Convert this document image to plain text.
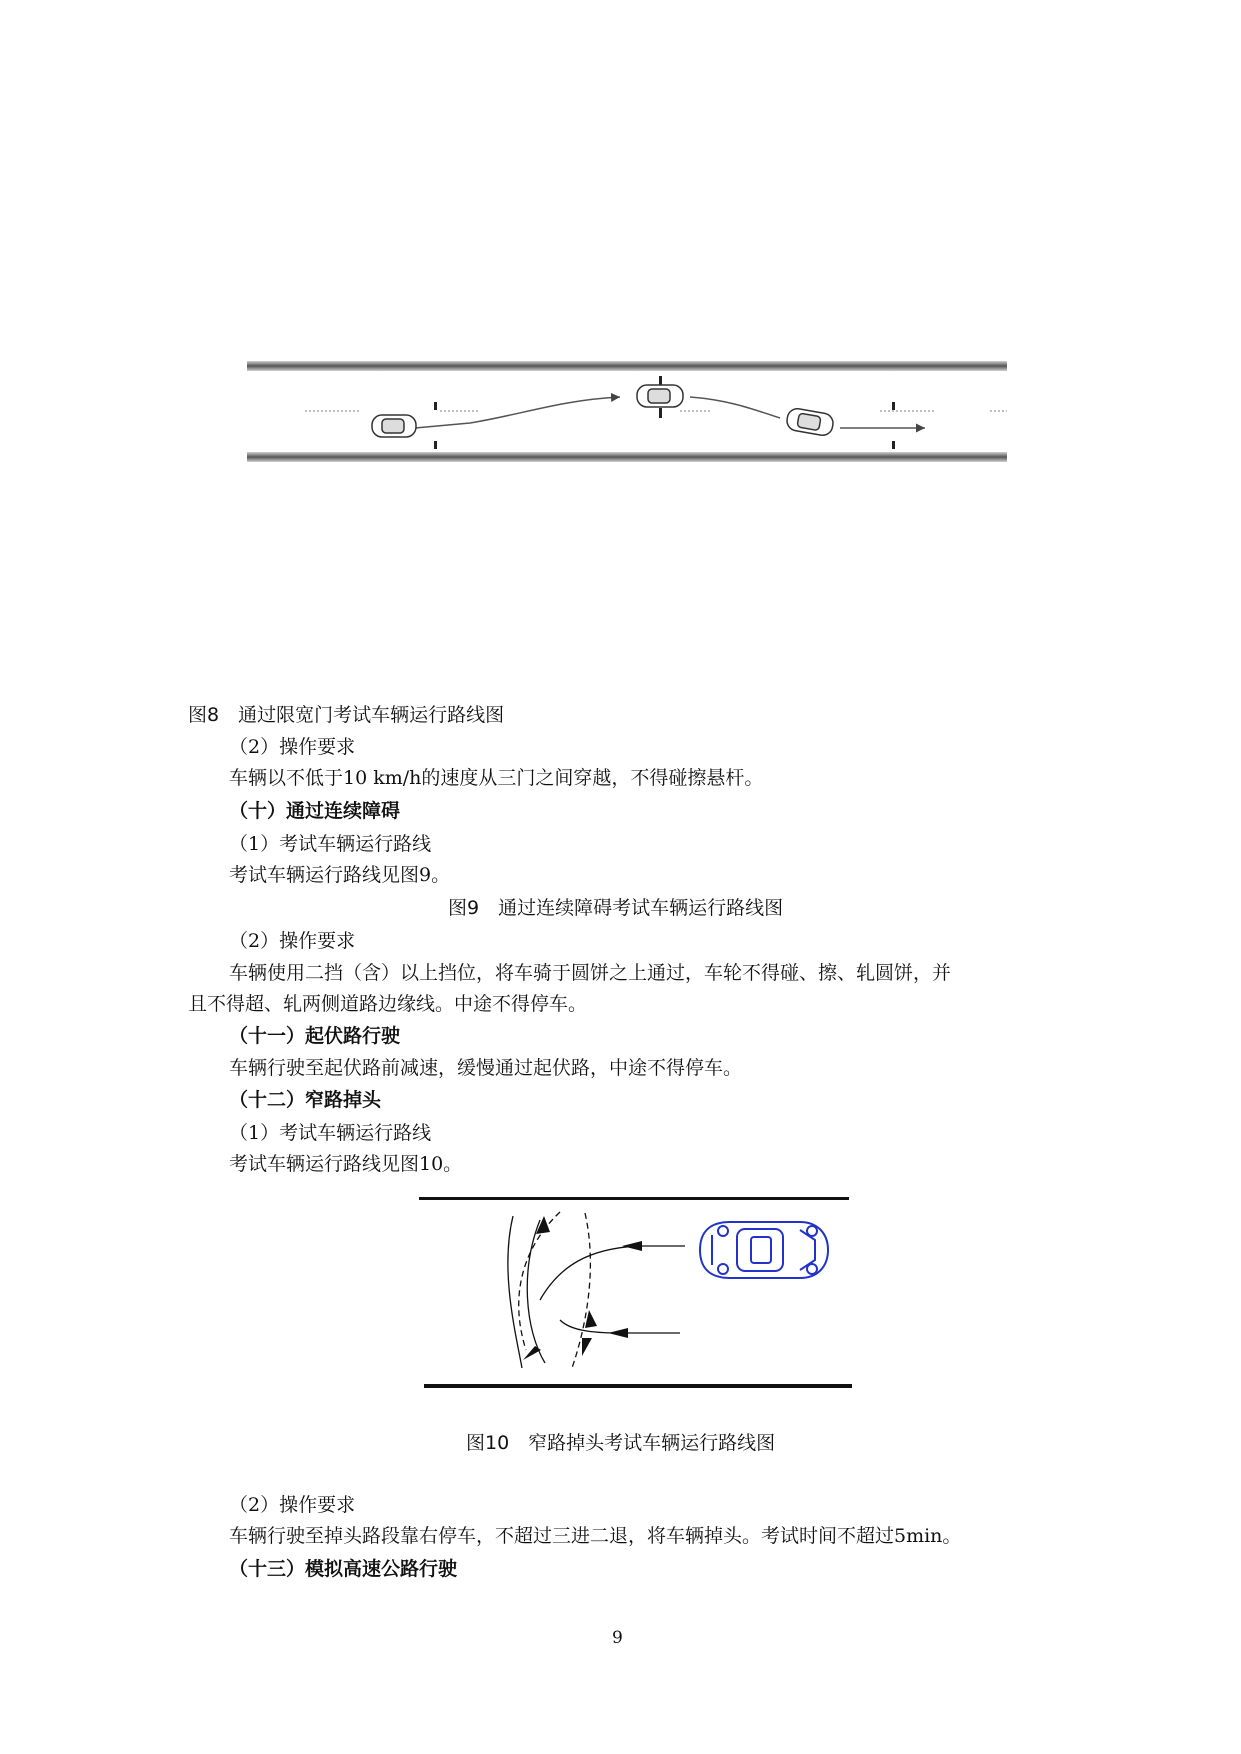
图8　通过限宽门考试车辆运行路线图
（2）操作要求
车辆以不低于10 km/h的速度从三门之间穿越，不得碰擦悬杆。
（十）通过连续障碍
（1）考试车辆运行路线
考试车辆运行路线见图9。
图9　通过连续障碍考试车辆运行路线图
（2）操作要求
车辆使用二挡（含）以上挡位，将车骑于圆饼之上通过，车轮不得碰、擦、轧圆饼，并
且不得超、轧两侧道路边缘线。中途不得停车。
（十一）起伏路行驶
车辆行驶至起伏路前减速，缓慢通过起伏路，中途不得停车。
（十二）窄路掉头
（1）考试车辆运行路线
考试车辆运行路线见图10。
图10　窄路掉头考试车辆运行路线图
（2）操作要求
车辆行驶至掉头路段靠右停车，不超过三进二退，将车辆掉头。考试时间不超过5min。
（十三）模拟高速公路行驶
9
